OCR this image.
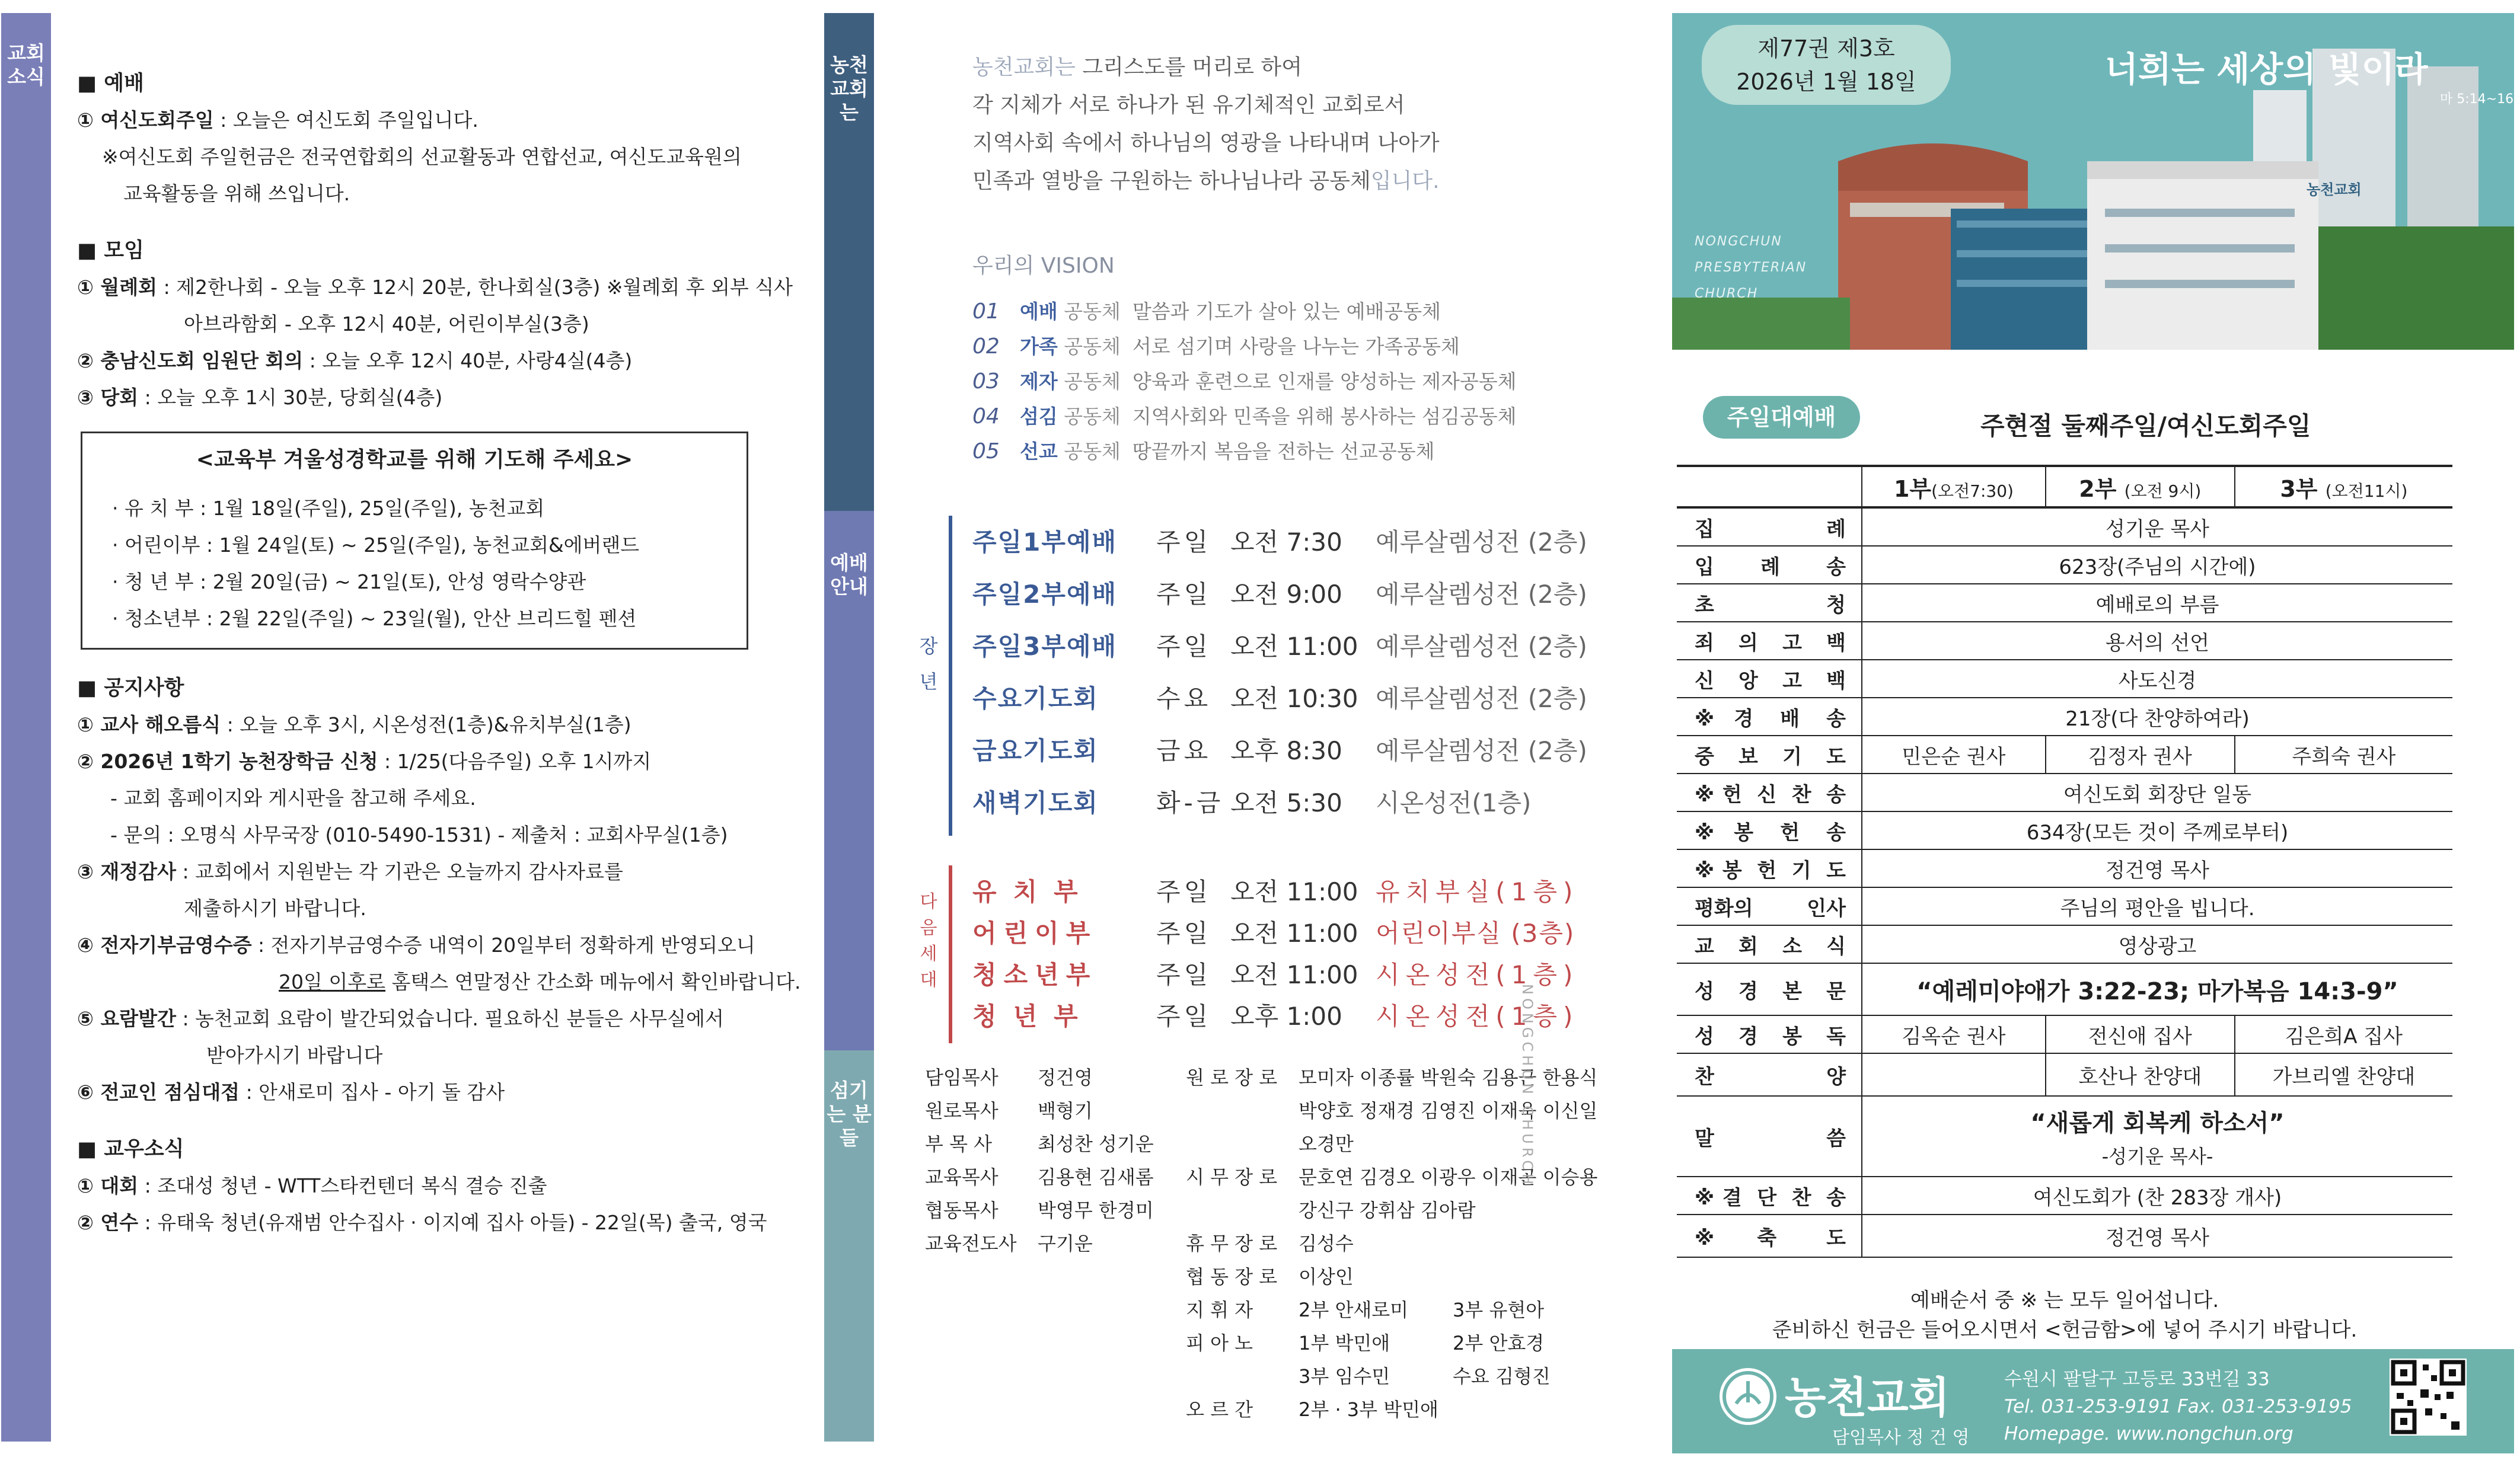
교회소식 ■ 예배
① 여신도회주일 : 오늘은 여신도회 주일입니다.
※여신도회 주일헌금은 전국연합회의 선교활동과 연합선교, 여신도교육원의
교육활동을 위해 쓰입니다.
■ 모임
① 월례회 : 제2한나회 - 오늘 오후 12시 20분, 한나회실(3층) ※월례회 후 외부 식사
아브라함회 - 오후 12시 40분, 어린이부실(3층)
② 충남신도회 임원단 회의 : 오늘 오후 12시 40분, 사랑4실(4층)
③ 당회 : 오늘 오후 1시 30분, 당회실(4층)
<교육부 겨울성경학교를 위해 기도해 주세요>
· 유 치 부 : 1월 18일(주일), 25일(주일), 농천교회
· 어린이부 : 1월 24일(토) ~ 25일(주일), 농천교회&에버랜드
· 청 년 부 : 2월 20일(금) ~ 21일(토), 안성 영락수양관
· 청소년부 : 2월 22일(주일) ~ 23일(월), 안산 브리드힐 펜션
■ 공지사항
① 교사 해오름식 : 오늘 오후 3시, 시온성전(1층)&유치부실(1층)
② 2026년 1학기 농천장학금 신청 : 1/25(다음주일) 오후 1시까지
- 교회 홈페이지와 게시판을 참고해 주세요.
- 문의 : 오명식 사무국장 (010-5490-1531) - 제출처 : 교회사무실(1층)
③ 재정감사 : 교회에서 지원받는 각 기관은 오늘까지 감사자료를
제출하시기 바랍니다.
④ 전자기부금영수증 : 전자기부금영수증 내역이 20일부터 정확하게 반영되오니
20일 이후로 홈택스 연말정산 간소화 메뉴에서 확인바랍니다.
⑤ 요람발간 : 농천교회 요람이 발간되었습니다. 필요하신 분들은 사무실에서
받아가시기 바랍니다
⑥ 전교인 점심대접 : 안새로미 집사 - 아기 돌 감사
■ 교우소식
① 대회 : 조대성 청년 - WTT스타컨텐더 복식 결승 진출
② 연수 : 유태욱 청년(유재범 안수집사 · 이지예 집사 아들) - 22일(목) 출국, 영국
농천교회는
예배안내
섬기는 분들
농천교회는 그리스도를 머리로 하여
각 지체가 서로 하나가 된 유기체적인 교회로서
지역사회 속에서 하나님의 영광을 나타내며 나아가
민족과 열방을 구원하는 하나님나라 공동체입니다.
우리의 VISION
01 예배 공동체 말씀과 기도가 살아 있는 예배공동체
02 가족 공동체 서로 섬기며 사랑을 나누는 가족공동체
03 제자 공동체 양육과 훈련으로 인재를 양성하는 제자공동체
04 섬김 공동체 지역사회와 민족을 위해 봉사하는 섬김공동체
05 선교 공동체 땅끝까지 복음을 전하는 선교공동체
장년
주일1부예배 주일 오전 7:30 예루살렘성전 (2층)
주일2부예배 주일 오전 9:00 예루살렘성전 (2층)
주일3부예배 주일 오전 11:00 예루살렘성전 (2층)
수요기도회 수요 오전 10:30 예루살렘성전 (2층)
금요기도회 금요 오후 8:30 예루살렘성전 (2층)
새벽기도회 화-금 오전 5:30 시온성전(1층)
다음세대
유치부 주일 오전 11:00 유치부실(1층)
어린이부 주일 오전 11:00 어린이부실 (3층)
청소년부 주일 오전 11:00 시온성전(1층)
청년부 주일 오후 1:00 시온성전(1층)
담임목사 정건영
원로목사 백형기
부 목 사 최성찬 성기운
교육목사 김용현 김새롬
협동목사 박영무 한경미
교육전도사 구기운
원 로 장 로 모미자 이종률 박원숙 김용근 한용식
박양호 정재경 김영진 이재욱 이신일
오경만
시 무 장 로 문호연 김경오 이광우 이재곤 이승용
강신구 강휘삼 김아람
휴 무 장 로 김성수
협 동 장 로 이상인
지 휘 자 2부 안새로미 3부 유현아
피 아 노 1부 박민애	2부 안효경
3부 임수민	수요 김형진
오 르 간 2부 · 3부 박민애
NONGCHUN CHURCH
제77권 제3호
2026년 1월 18일	너희는 세상의 빛이라
마 5:14~16
NONGCHUN
PRESBYTERIAN
CHURCH
농천교회
주일대예배	주현절 둘째주일/여신도회주일
	1부(오전7:30)	2부 (오전 9시)	3부 (오전11시)
집 례	성기운 목사		
입 례 송	623장(주님의 시간에)		
초 청	예배로의 부름		
죄 의 고 백	용서의 선언		
신 앙 고 백	사도신경		
※경 배 송	21장(다 찬양하여라)		
중 보 기 도	민은순 권사	김정자 권사	주희숙 권사
※헌 신 찬 송	여신도회 회장단 일동		
※봉 헌 송	634장(모든 것이 주께로부터)		
※봉 헌 기 도	정건영 목사		
평화의 인사	주님의 평안을 빕니다.		
교 회 소 식	영상광고		
성 경 본 문	“예레미야애가 3:22-23; 마가복음 14:3-9”		
성 경 봉 독	김옥순 권사	전신애 집사	김은희A 집사
찬 양		호산나 찬양대	가브리엘 찬양대
말 씀	“새롭게 회복케 하소서”
-성기운 목사-		

※결 단 찬 송	여신도회가 (찬 283장 개사)		
※축 도	정건영 목사		
예배순서 중 ※ 는 모두 일어섭니다.
준비하신 헌금은 들어오시면서 <헌금함>에 넣어 주시기 바랍니다.
농천교회
담임목사 정 건 영
수원시 팔달구 고등로 33번길 33
Tel. 031-253-9191 Fax. 031-253-9195
Homepage. www.nongchun.org
